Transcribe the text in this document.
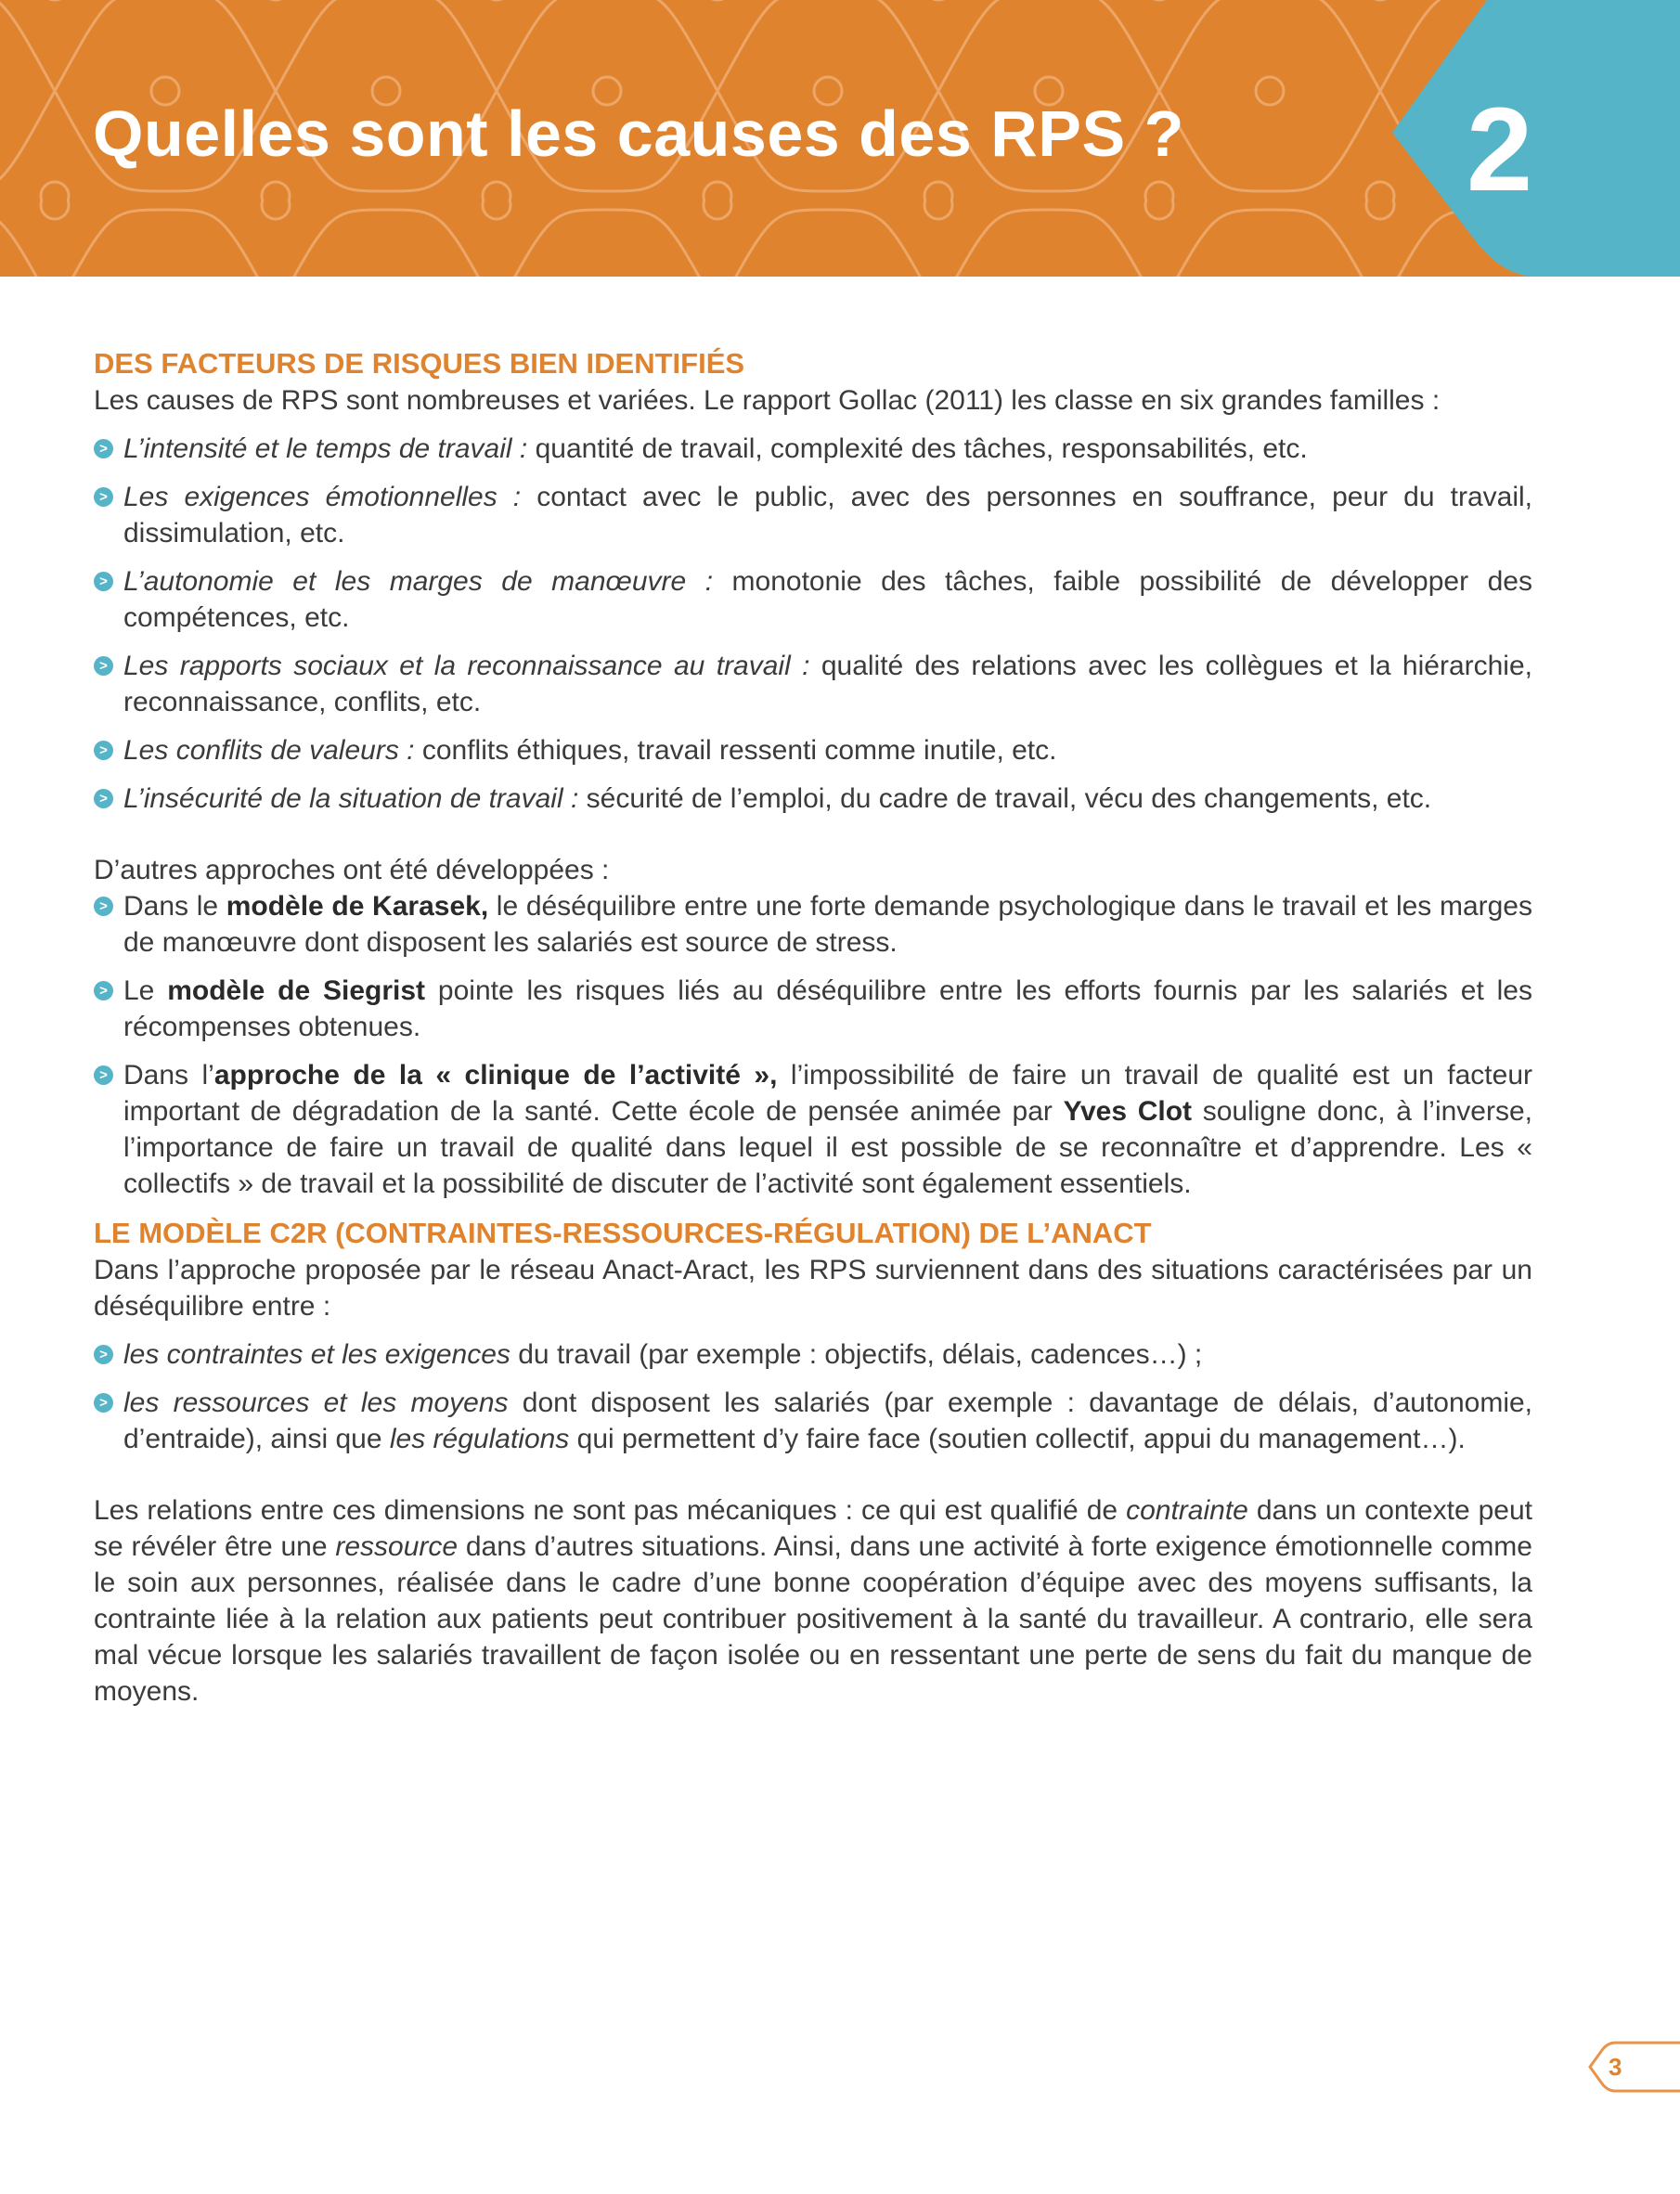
Quelles sont les causes des RPS ? 2
DES FACTEURS DE RISQUES BIEN IDENTIFIÉS

Les causes de RPS sont nombreuses et variées. Le rapport Gollac (2011) les classe en six grandes familles :

> L’intensité et le temps de travail : quantité de travail, complexité des tâches, responsabilités, etc.
> Les exigences émotionnelles : contact avec le public, avec des personnes en souffrance, peur du travail, dissimulation, etc.
> L’autonomie et les marges de manœuvre : monotonie des tâches, faible possibilité de développer des compétences, etc.
> Les rapports sociaux et la reconnaissance au travail : qualité des relations avec les collègues et la hiérarchie, reconnaissance, conflits, etc.
> Les conflits de valeurs : conflits éthiques, travail ressenti comme inutile, etc.
> L’insécurité de la situation de travail : sécurité de l’emploi, du cadre de travail, vécu des changements, etc.

D’autres approches ont été développées :

> Dans le modèle de Karasek, le déséquilibre entre une forte demande psychologique dans le travail et les marges de manœuvre dont disposent les salariés est source de stress.
> Le modèle de Siegrist pointe les risques liés au déséquilibre entre les efforts fournis par les salariés et les récompenses obtenues.
> Dans l’approche de la « clinique de l’activité », l’impossibilité de faire un travail de qualité est un facteur important de dégradation de la santé. Cette école de pensée animée par Yves Clot souligne donc, à l’inverse, l’importance de faire un travail de qualité dans lequel il est possible de se reconnaître et d’apprendre. Les « collectifs » de travail et la possibilité de discuter de l’activité sont également essentiels.
LE MODÈLE C2R (CONTRAINTES-RESSOURCES-RÉGULATION) DE L’ANACT

Dans l’approche proposée par le réseau Anact-Aract, les RPS surviennent dans des situations caractérisées par un déséquilibre entre :

> les contraintes et les exigences du travail (par exemple : objectifs, délais, cadences…) ;
> les ressources et les moyens dont disposent les salariés (par exemple : davantage de délais, d’autonomie, d’entraide), ainsi que les régulations qui permettent d’y faire face (soutien collectif, appui du management…).

Les relations entre ces dimensions ne sont pas mécaniques : ce qui est qualifié de contrainte dans un contexte peut se révéler être une ressource dans d’autres situations. Ainsi, dans une activité à forte exigence émotionnelle comme le soin aux personnes, réalisée dans le cadre d’une bonne coopération d’équipe avec des moyens suffisants, la contrainte liée à la relation aux patients peut contribuer positivement à la santé du travailleur. A contrario, elle sera mal vécue lorsque les salariés travaillent de façon isolée ou en ressentant une perte de sens du fait du manque de moyens.

3
